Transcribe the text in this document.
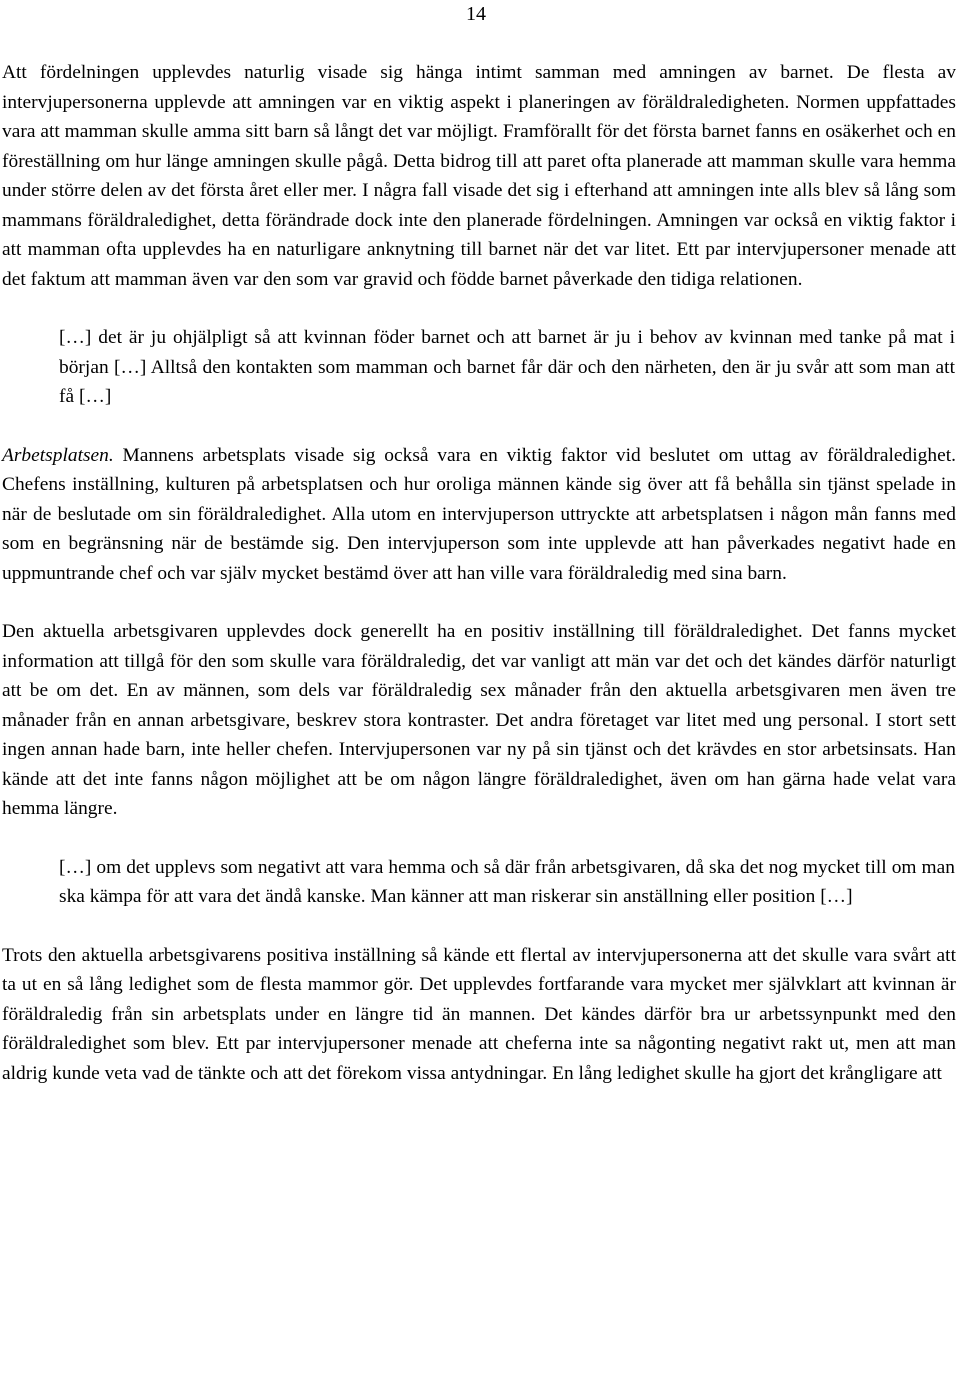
14

Att fördelningen upplevdes naturlig visade sig hänga intimt samman med amningen av barnet. De flesta av intervjupersonerna upplevde att amningen var en viktig aspekt i planeringen av föräldraledigheten. Normen uppfattades vara att mamman skulle amma sitt barn så långt det var möjligt. Framförallt för det första barnet fanns en osäkerhet och en föreställning om hur länge amningen skulle pågå. Detta bidrog till att paret ofta planerade att mamman skulle vara hemma under större delen av det första året eller mer. I några fall visade det sig i efterhand att amningen inte alls blev så lång som mammans föräldraledighet, detta förändrade dock inte den planerade fördelningen. Amningen var också en viktig faktor i att mamman ofta upplevdes ha en naturligare anknytning till barnet när det var litet. Ett par intervjupersoner menade att det faktum att mamman även var den som var gravid och födde barnet påverkade den tidiga relationen.

[…] det är ju ohjälpligt så att kvinnan föder barnet och att barnet är ju i behov av kvinnan med tanke på mat i början […] Alltså den kontakten som mamman och barnet får där och den närheten, den är ju svår att som man att få […]

Arbetsplatsen. Mannens arbetsplats visade sig också vara en viktig faktor vid beslutet om uttag av föräldraledighet. Chefens inställning, kulturen på arbetsplatsen och hur oroliga männen kände sig över att få behålla sin tjänst spelade in när de beslutade om sin föräldraledighet. Alla utom en intervjuperson uttryckte att arbetsplatsen i någon mån fanns med som en begränsning när de bestämde sig. Den intervjuperson som inte upplevde att han påverkades negativt hade en uppmuntrande chef och var själv mycket bestämd över att han ville vara föräldraledig med sina barn.

Den aktuella arbetsgivaren upplevdes dock generellt ha en positiv inställning till föräldraledighet. Det fanns mycket information att tillgå för den som skulle vara föräldraledig, det var vanligt att män var det och det kändes därför naturligt att be om det. En av männen, som dels var föräldraledig sex månader från den aktuella arbetsgivaren men även tre månader från en annan arbetsgivare, beskrev stora kontraster. Det andra företaget var litet med ung personal. I stort sett ingen annan hade barn, inte heller chefen. Intervjupersonen var ny på sin tjänst och det krävdes en stor arbetsinsats. Han kände att det inte fanns någon möjlighet att be om någon längre föräldraledighet, även om han gärna hade velat vara hemma längre.

[…] om det upplevs som negativt att vara hemma och så där från arbetsgivaren, då ska det nog mycket till om man ska kämpa för att vara det ändå kanske. Man känner att man riskerar sin anställning eller position […]

Trots den aktuella arbetsgivarens positiva inställning så kände ett flertal av intervjupersonerna att det skulle vara svårt att ta ut en så lång ledighet som de flesta mammor gör. Det upplevdes fortfarande vara mycket mer självklart att kvinnan är föräldraledig från sin arbetsplats under en längre tid än mannen. Det kändes därför bra ur arbetssynpunkt med den föräldraledighet som blev. Ett par intervjupersoner menade att cheferna inte sa någonting negativt rakt ut, men att man aldrig kunde veta vad de tänkte och att det förekom vissa antydningar. En lång ledighet skulle ha gjort det krångligare att
